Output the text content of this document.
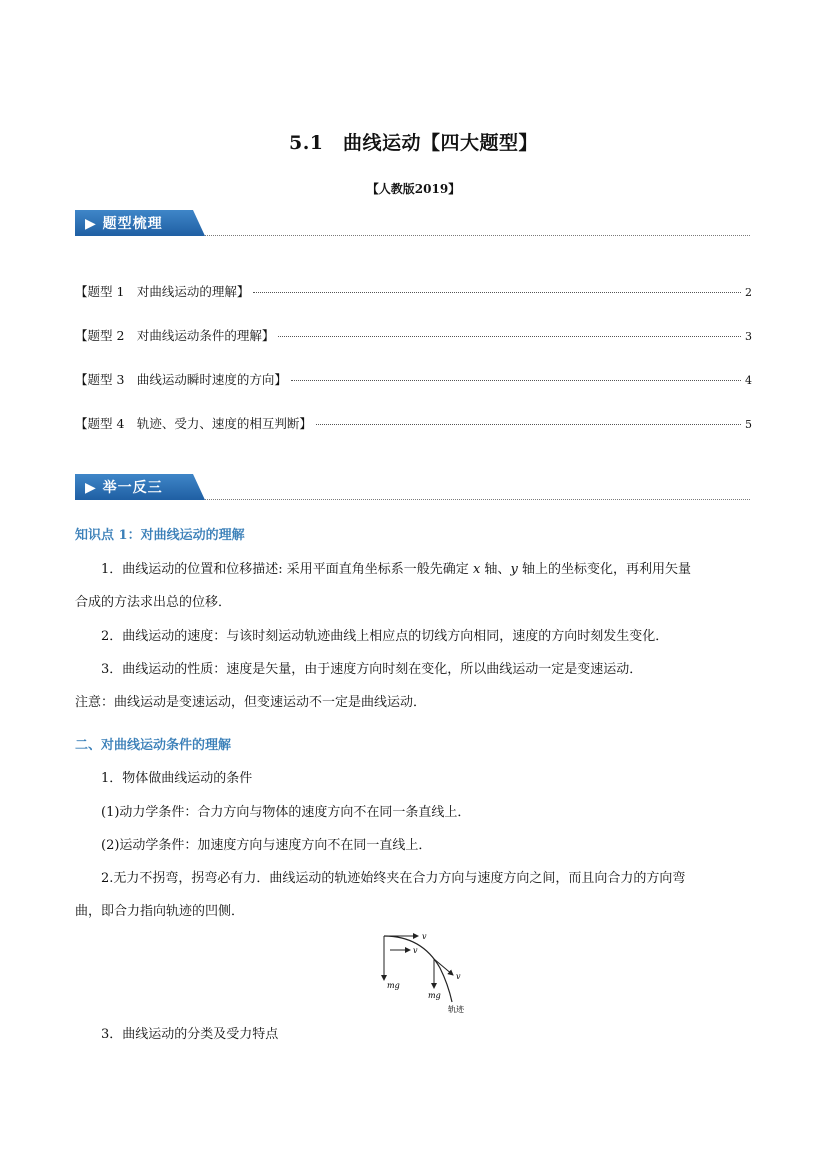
5.1　曲线运动【四大题型】
【人教版2019】
▶ 题型梳理
【题型 1　对曲线运动的理解】	2
【题型 2　对曲线运动条件的理解】	3
【题型 3　曲线运动瞬时速度的方向】	4
【题型 4　轨迹、受力、速度的相互判断】	5
▶ 举一反三
知识点 1：对曲线运动的理解
1．曲线运动的位置和位移描述: 采用平面直角坐标系一般先确定 x 轴、y 轴上的坐标变化，再利用矢量
合成的方法求出总的位移．
2．曲线运动的速度：与该时刻运动轨迹曲线上相应点的切线方向相同，速度的方向时刻发生变化．
3．曲线运动的性质：速度是矢量，由于速度方向时刻在变化，所以曲线运动一定是变速运动．
注意：曲线运动是变速运动，但变速运动不一定是曲线运动．
二、对曲线运动条件的理解
1．物体做曲线运动的条件
(1)动力学条件：合力方向与物体的速度方向不在同一条直线上．
(2)运动学条件：加速度方向与速度方向不在同一直线上．
2.无力不拐弯，拐弯必有力．曲线运动的轨迹始终夹在合力方向与速度方向之间，而且向合力的方向弯
曲，即合力指向轨迹的凹侧．
v
v
v
mg
mg
轨迹
3．曲线运动的分类及受力特点
